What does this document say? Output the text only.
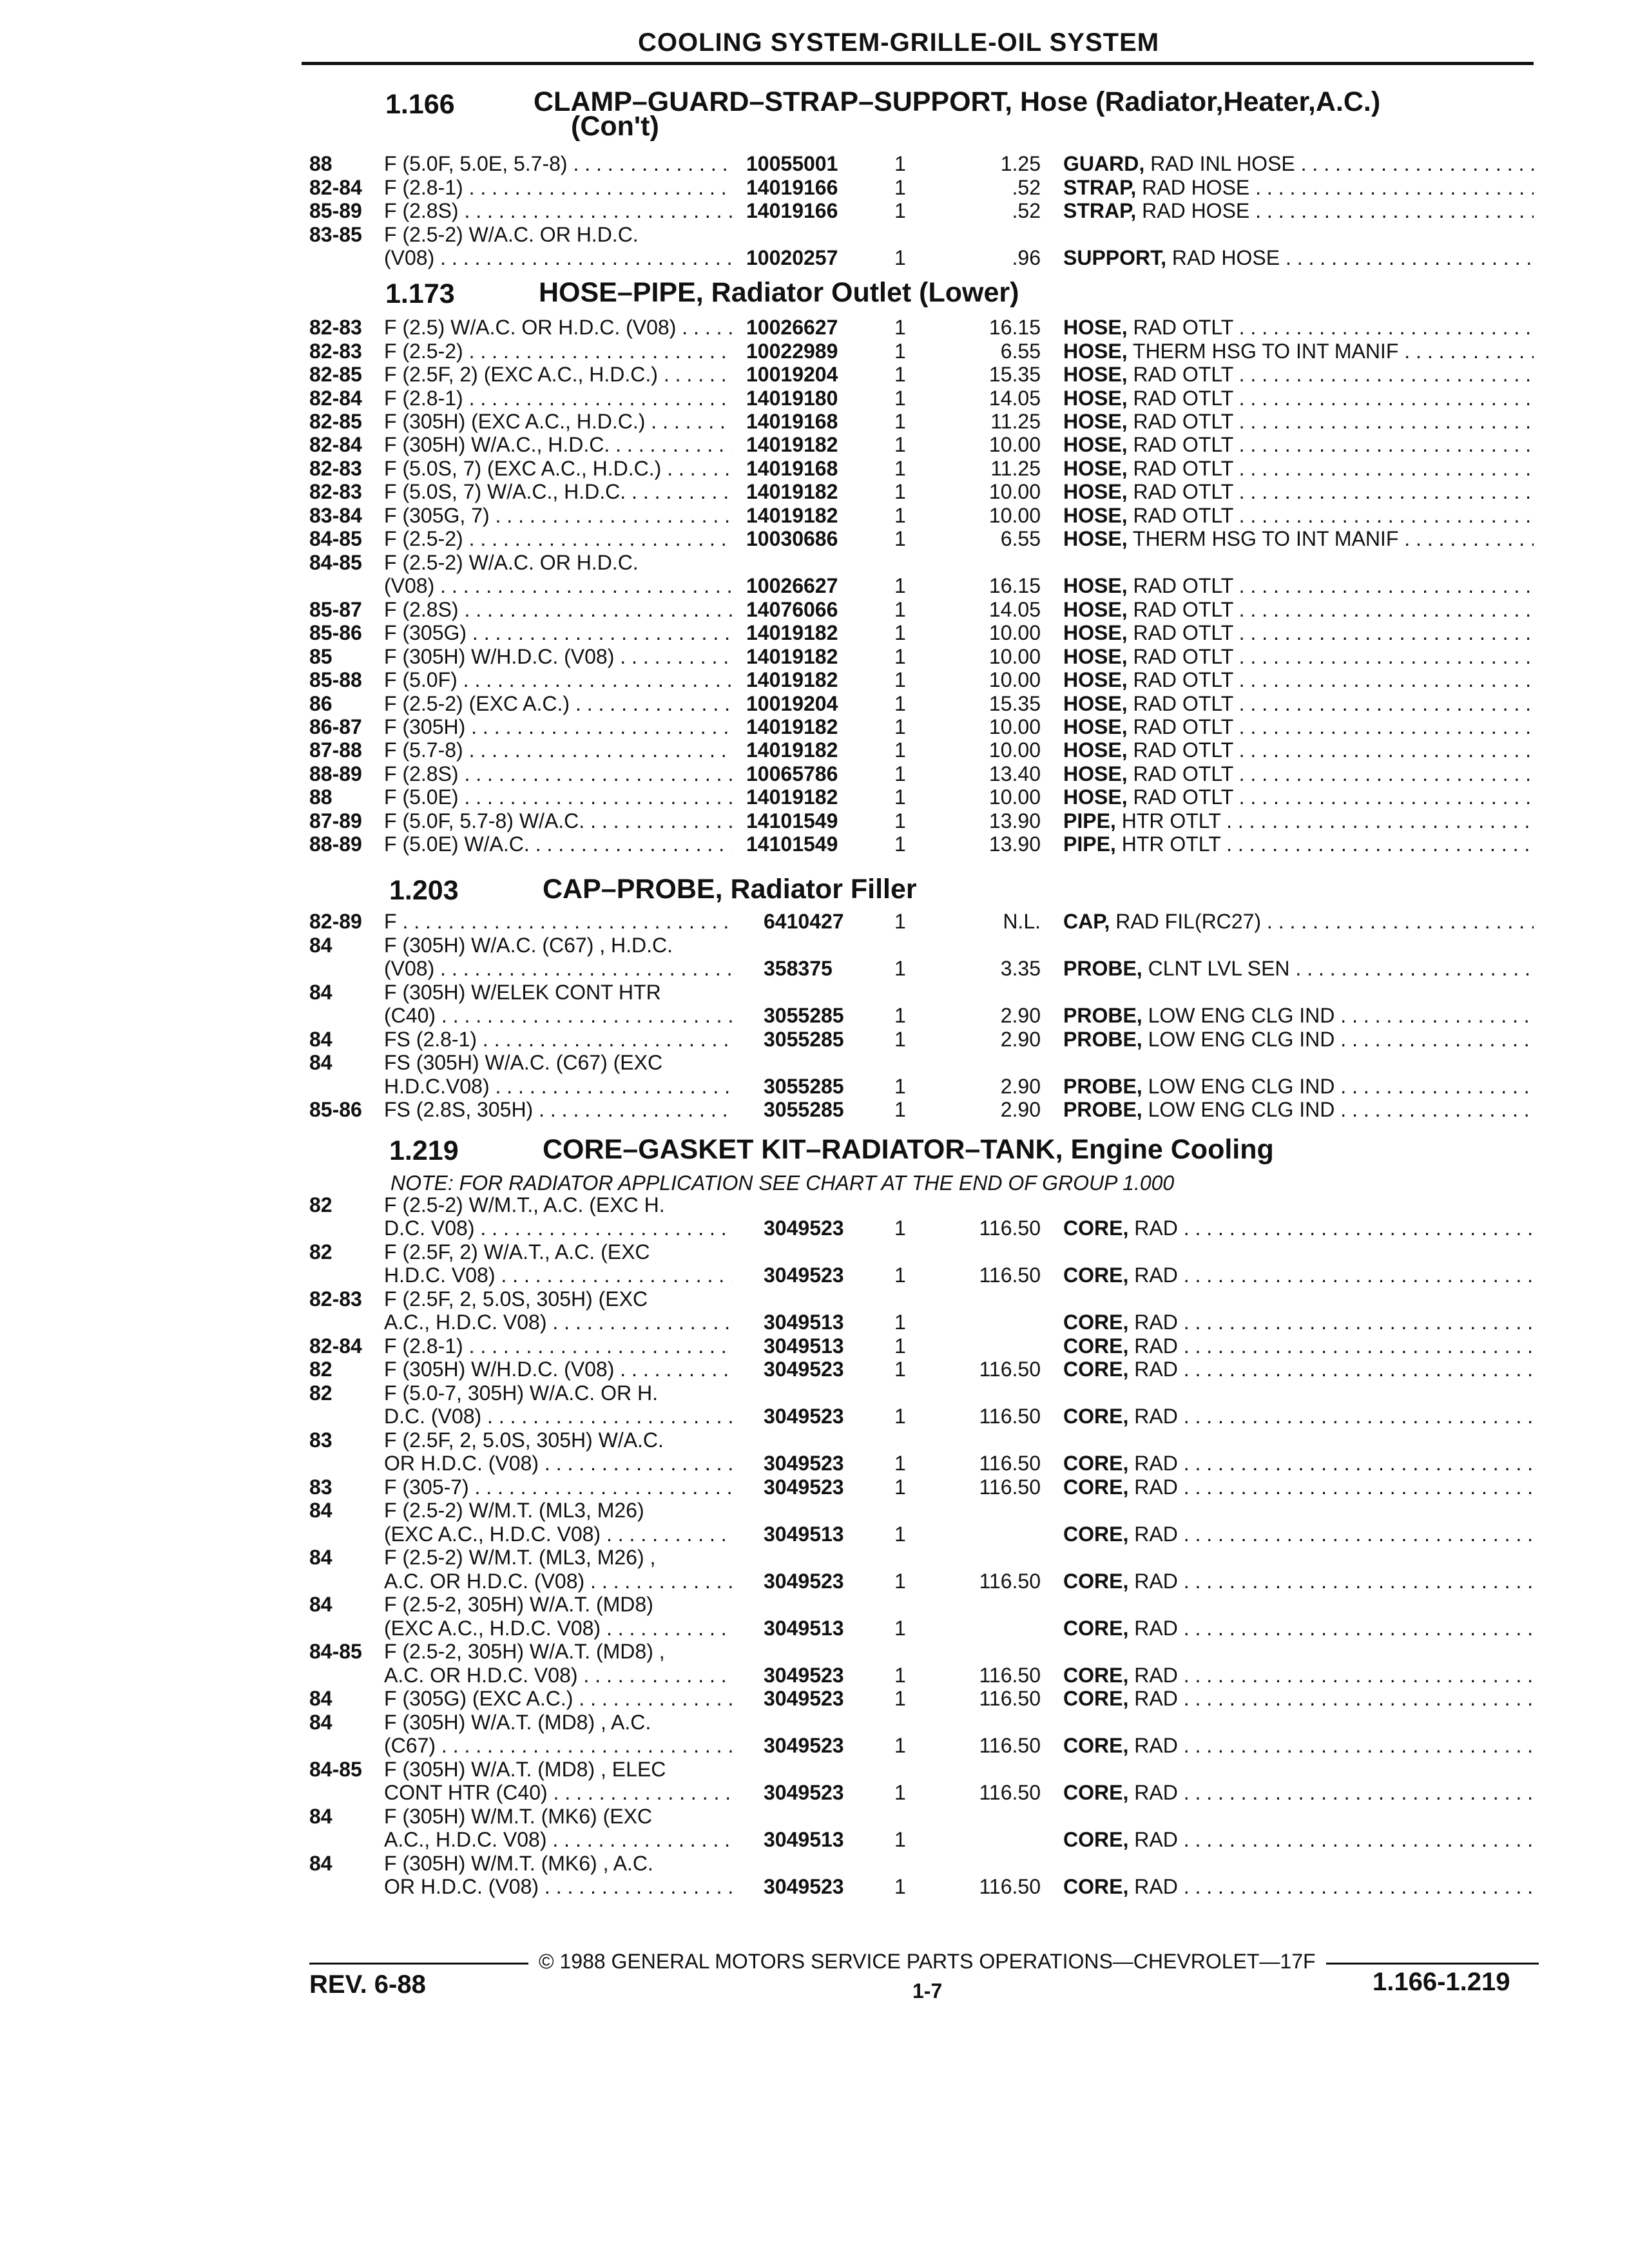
COOLING SYSTEM-GRILLE-OIL SYSTEM
1.166	CLAMP–GUARD–STRAP–SUPPORT, Hose (Radiator,Heater,A.C.)
(Con't)
1.173	HOSE–PIPE, Radiator Outlet (Lower)
1.203	CAP–PROBE, Radiator Filler
1.219	CORE–GASKET KIT–RADIATOR–TANK, Engine Cooling
NOTE: FOR RADIATOR APPLICATION SEE CHART AT THE END OF GROUP 1.000
88	F (5.0F, 5.0E, 5.7-8) . . .	10055001	1	1.25 GUARD, RAD INL HOSE . . .
82-84 F (2.8-1) . . .	14019166	1	.52 STRAP, RAD HOSE . . .
85-89 F (2.8S) . . .	14019166	1	.52 STRAP, RAD HOSE . . .
83-85 F (2.5-2) W/A.C. OR H.D.C.
(V08) . . .	10020257	1	.96 SUPPORT, RAD HOSE . . .
82-83 F (2.5) W/A.C. OR H.D.C. (V08) . . .	10026627	1	16.15 HOSE, RAD OTLT . . .
82-83 F (2.5-2) . . .	10022989	1	6.55 HOSE, THERM HSG TO INT MANIF . . .
82-85 F (2.5F, 2) (EXC A.C., H.D.C.) . . .	10019204	1	15.35 HOSE, RAD OTLT . . .
82-84 F (2.8-1) . . .	14019180	1	14.05 HOSE, RAD OTLT . . .
82-85 F (305H) (EXC A.C., H.D.C.) . . .	14019168	1	11.25 HOSE, RAD OTLT . . .
82-84 F (305H) W/A.C., H.D.C. . . .	14019182	1	10.00 HOSE, RAD OTLT . . .
82-83 F (5.0S, 7) (EXC A.C., H.D.C.) . . .	14019168	1	11.25 HOSE, RAD OTLT . . .
82-83 F (5.0S, 7) W/A.C., H.D.C. . . .	14019182	1	10.00 HOSE, RAD OTLT . . .
83-84 F (305G, 7) . . .	14019182	1	10.00 HOSE, RAD OTLT . . .
84-85 F (2.5-2) . . .	10030686	1	6.55 HOSE, THERM HSG TO INT MANIF . . .
84-85 F (2.5-2) W/A.C. OR H.D.C.
(V08) . . .	10026627	1	16.15 HOSE, RAD OTLT . . .
85-87 F (2.8S) . . .	14076066	1	14.05 HOSE, RAD OTLT . . .
85-86 F (305G) . . .	14019182	1	10.00 HOSE, RAD OTLT . . .
85	F (305H) W/H.D.C. (V08) . . .	14019182	1	10.00 HOSE, RAD OTLT . . .
85-88 F (5.0F) . . .	14019182	1	10.00 HOSE, RAD OTLT . . .
86	F (2.5-2) (EXC A.C.) . . .	10019204	1	15.35 HOSE, RAD OTLT . . .
86-87 F (305H) . . .	14019182	1	10.00 HOSE, RAD OTLT . . .
87-88 F (5.7-8) . . .	14019182	1	10.00 HOSE, RAD OTLT . . .
88-89 F (2.8S) . . .	10065786	1	13.40 HOSE, RAD OTLT . . .
88	F (5.0E) . . .	14019182	1	10.00 HOSE, RAD OTLT . . .
87-89 F (5.0F, 5.7-8) W/A.C. . . .	14101549	1	13.90 PIPE, HTR OTLT . . .
88-89 F (5.0E) W/A.C. . . .	14101549	1	13.90 PIPE, HTR OTLT . . .
82-89 F . . .	6410427 1	N.L. CAP, RAD FIL(RC27) . . .
84	F (305H) W/A.C. (C67) , H.D.C.
(V08) . . .	358375	1	3.35 PROBE, CLNT LVL SEN . . .
84	F (305H) W/ELEK CONT HTR
(C40) . . .	3055285 1	2.90 PROBE, LOW ENG CLG IND . . .
84	FS (2.8-1) . . .	3055285 1	2.90 PROBE, LOW ENG CLG IND . . .
84	FS (305H) W/A.C. (C67) (EXC
H.D.C.V08) . . .	3055285 1	2.90 PROBE, LOW ENG CLG IND . . .
85-86 FS (2.8S, 305H) . . .	3055285 1	2.90 PROBE, LOW ENG CLG IND . . .
82	F (2.5-2) W/M.T., A.C. (EXC H.
D.C. V08) . . .	3049523 1	116.50 CORE, RAD . . .
82	F (2.5F, 2) W/A.T., A.C. (EXC
H.D.C. V08) . . .	3049523 1	116.50 CORE, RAD . . .
82-83 F (2.5F, 2, 5.0S, 305H) (EXC
A.C., H.D.C. V08) . . .	3049513 1	CORE, RAD . . .
82-84 F (2.8-1) . . .	3049513 1	CORE, RAD . . .
82	F (305H) W/H.D.C. (V08) . . .	3049523 1	116.50 CORE, RAD . . .
82	F (5.0-7, 305H) W/A.C. OR H.
D.C. (V08) . . .	3049523 1	116.50 CORE, RAD . . .
83	F (2.5F, 2, 5.0S, 305H) W/A.C.
OR H.D.C. (V08) . . .	3049523 1	116.50 CORE, RAD . . .
83	F (305-7) . . .	3049523 1	116.50 CORE, RAD . . .
84	F (2.5-2) W/M.T. (ML3, M26)
(EXC A.C., H.D.C. V08) . . .	3049513 1	CORE, RAD . . .
84	F (2.5-2) W/M.T. (ML3, M26) ,
A.C. OR H.D.C. (V08) . . .	3049523 1	116.50 CORE, RAD . . .
84	F (2.5-2, 305H) W/A.T. (MD8)
(EXC A.C., H.D.C. V08) . . .	3049513 1	CORE, RAD . . .
84-85 F (2.5-2, 305H) W/A.T. (MD8) ,
A.C. OR H.D.C. V08) . . .	3049523 1	116.50 CORE, RAD . . .
84	F (305G) (EXC A.C.) . . .	3049523 1	116.50 CORE, RAD . . .
84	F (305H) W/A.T. (MD8) , A.C.
(C67) . . .	3049523 1	116.50 CORE, RAD . . .
84-85 F (305H) W/A.T. (MD8) , ELEC
CONT HTR (C40) . . .	3049523 1	116.50 CORE, RAD . . .
84	F (305H) W/M.T. (MK6) (EXC
A.C., H.D.C. V08) . . .	3049513 1	CORE, RAD . . .
84	F (305H) W/M.T. (MK6) , A.C.
OR H.D.C. (V08) . . .	3049523 1	116.50 CORE, RAD . . .
© 1988 GENERAL MOTORS SERVICE PARTS OPERATIONS—CHEVROLET—17F
REV. 6-88	1-7	1.166-1.219
